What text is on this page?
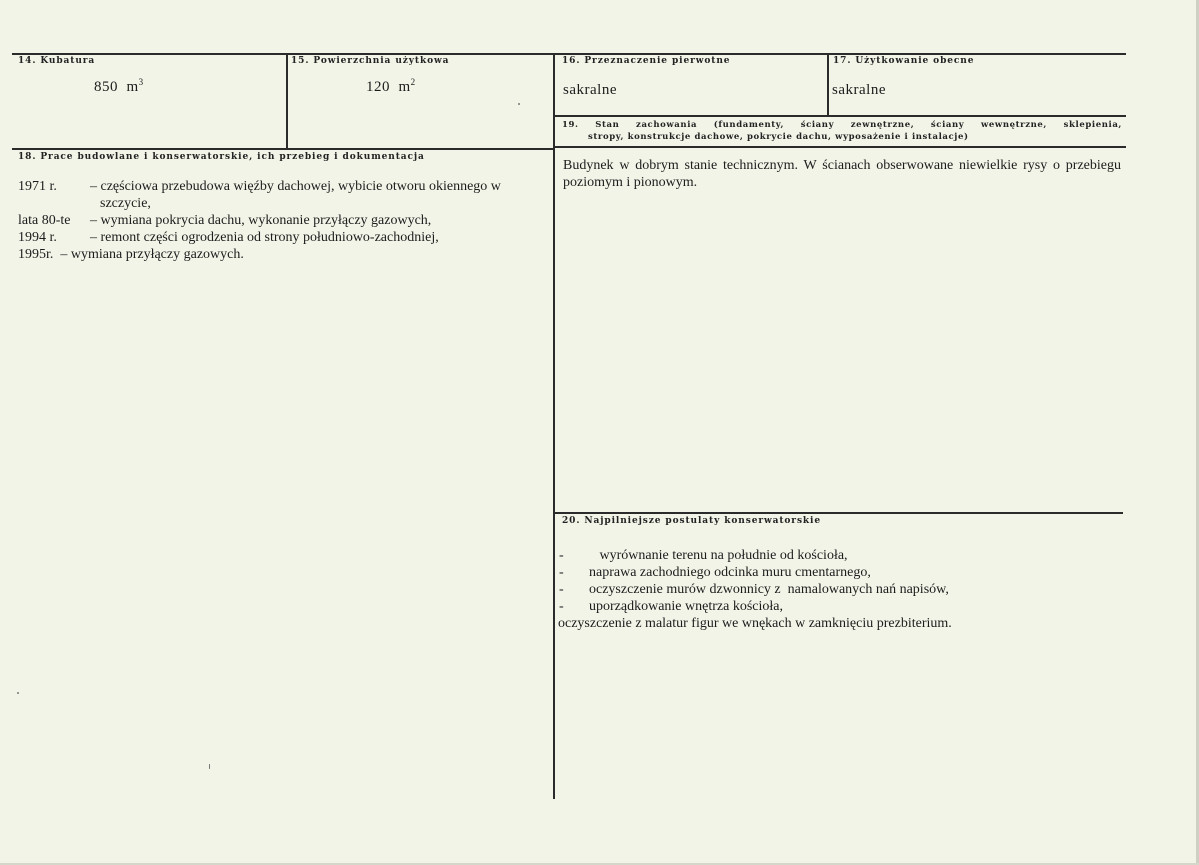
14. Kubatura
850  $m^3$
15. Powierzchnia użytkowa
120  $m^2$
16. Przeznaczenie pierwotne
sakralne
17. Użytkowanie obecne
sakralne
19. Stan zachowania (fundamenty, ściany zewnętrzne, ściany wewnętrzne, sklepienia,
stropy, konstrukcje dachowe, pokrycie dachu, wyposażenie i instalacje)
Budynek w dobrym stanie technicznym. W ścianach obserwowane niewielkie rysy o przebiegu poziomym i pionowym.
18. Prace budowlane i konserwatorskie, ich przebieg i dokumentacja
1971 r.	– częściowa przebudowa więźby dachowej, wybicie otworu okiennego w
szczycie,
lata 80-te	– wymiana pokrycia dachu, wykonanie przyłączy gazowych,
1994 r.	– remont części ogrodzenia od strony południowo-zachodniej,
1995r.  – wymiana przyłączy gazowych.
20. Najpilniejsze postulaty konserwatorskie
-	wyrównanie terenu na południe od kościoła,
-	naprawa zachodniego odcinka muru cmentarnego,
-	oczyszczenie murów dzwonnicy z  namalowanych nań napisów,
-	uporządkowanie wnętrza kościoła,
oczyszczenie z malatur figur we wnękach w zamknięciu prezbiterium.
